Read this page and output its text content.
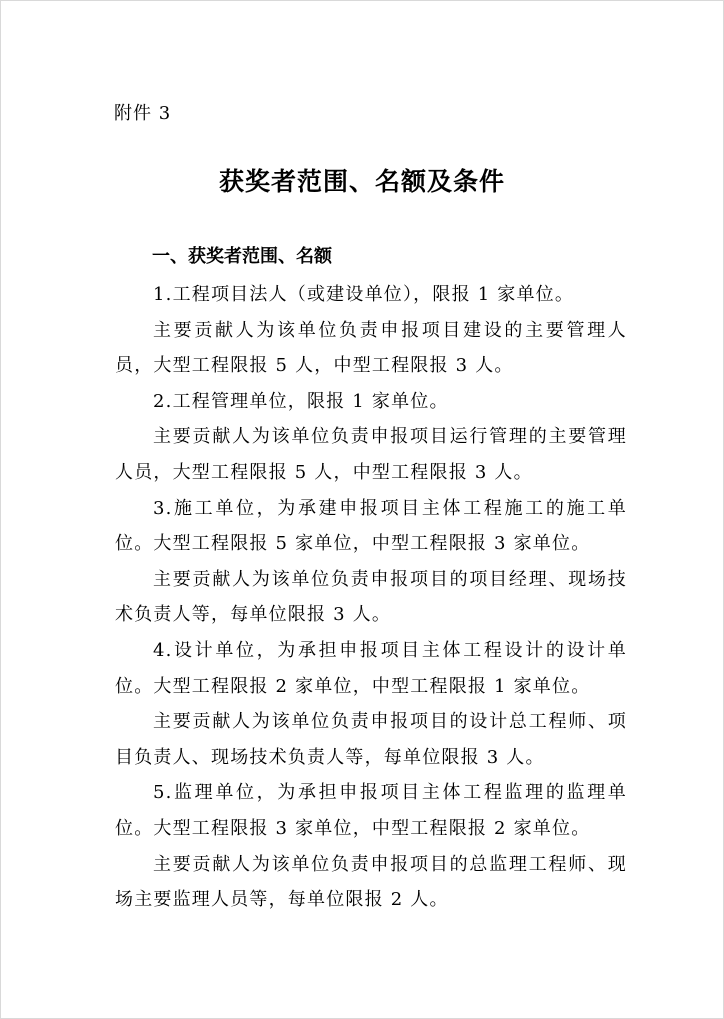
附件 3
获奖者范围、名额及条件
一、获奖者范围、名额

1.工程项目法人（或建设单位），限报 1 家单位。

主要贡献人为该单位负责申报项目建设的主要管理人员，大型工程限报 5 人，中型工程限报 3 人。

2.工程管理单位，限报 1 家单位。

主要贡献人为该单位负责申报项目运行管理的主要管理人员，大型工程限报 5 人，中型工程限报 3 人。

3.施工单位，为承建申报项目主体工程施工的施工单位。大型工程限报 5 家单位，中型工程限报 3 家单位。

主要贡献人为该单位负责申报项目的项目经理、现场技术负责人等，每单位限报 3 人。

4.设计单位，为承担申报项目主体工程设计的设计单位。大型工程限报 2 家单位，中型工程限报 1 家单位。

主要贡献人为该单位负责申报项目的设计总工程师、项目负责人、现场技术负责人等，每单位限报 3 人。

5.监理单位，为承担申报项目主体工程监理的监理单位。大型工程限报 3 家单位，中型工程限报 2 家单位。

主要贡献人为该单位负责申报项目的总监理工程师、现场主要监理人员等，每单位限报 2 人。
